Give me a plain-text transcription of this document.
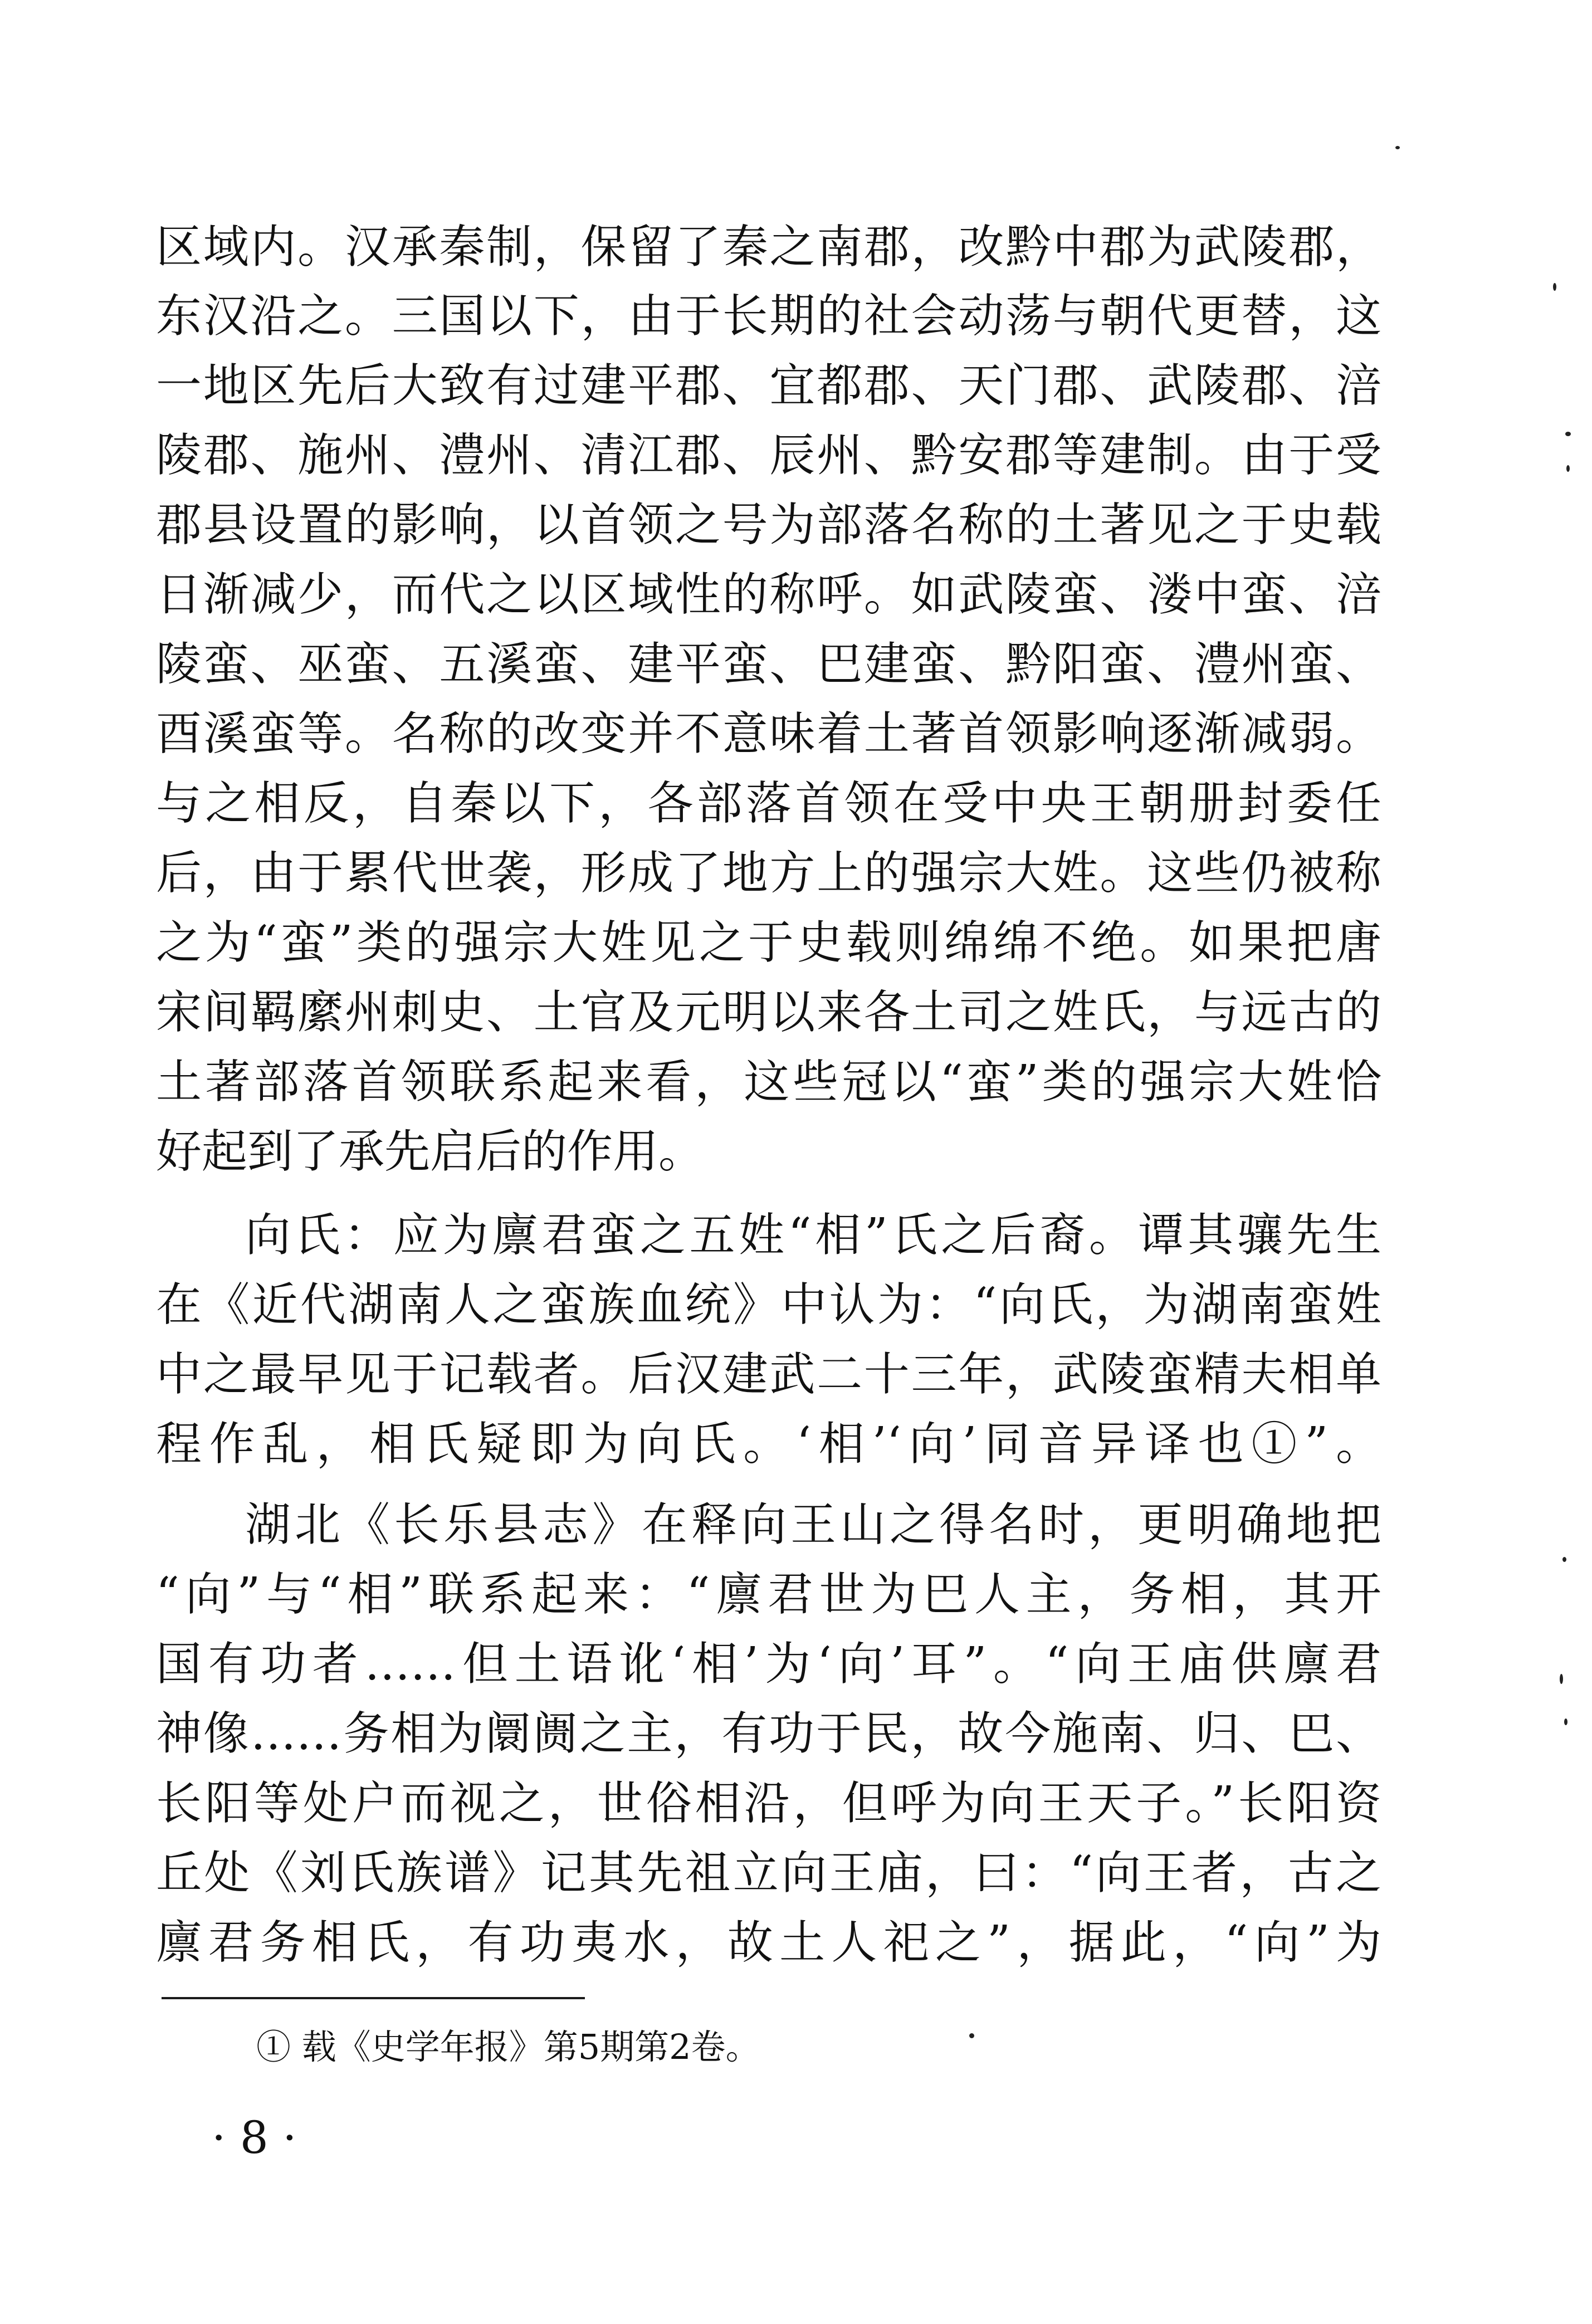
区域内。汉承秦制，保留了秦之南郡，改黔中郡为武陵郡，
东汉沿之。三国以下，由于长期的社会动荡与朝代更替，这
一地区先后大致有过建平郡、宜都郡、天门郡、武陵郡、涪
陵郡、施州、澧州、清江郡、辰州、黔安郡等建制。由于受
郡县设置的影响，以首领之号为部落名称的土著见之于史载
日渐减少，而代之以区域性的称呼。如武陵蛮、溇中蛮、涪
陵蛮、巫蛮、五溪蛮、建平蛮、巴建蛮、黔阳蛮、澧州蛮、
酉溪蛮等。名称的改变并不意味着土著首领影响逐渐减弱。
与之相反，自秦以下，各部落首领在受中央王朝册封委任
后，由于累代世袭，形成了地方上的强宗大姓。这些仍被称
之为“蛮”类的强宗大姓见之于史载则绵绵不绝。如果把唐
宋间羁縻州刺史、土官及元明以来各土司之姓氏，与远古的
土著部落首领联系起来看，这些冠以“蛮”类的强宗大姓恰
好起到了承先启后的作用。
向氏：应为廪君蛮之五姓“相”氏之后裔。谭其骧先生
在《近代湖南人之蛮族血统》中认为：“向氏，为湖南蛮姓
中之最早见于记载者。后汉建武二十三年，武陵蛮精夫相单
程作乱，相氏疑即为向氏。‘相’‘向’同音异译也①”。
湖北《长乐县志》在释向王山之得名时，更明确地把
“向”与“相”联系起来：“廪君世为巴人主，务相，其开
国有功者……但土语讹‘相’为‘向’耳”。“向王庙供廪君
神像……务相为阛阓之主，有功于民，故今施南、归、巴、
长阳等处户而视之，世俗相沿，但呼为向王天子。”长阳资
丘处《刘氏族谱》记其先祖立向王庙，曰：“向王者，古之
廪君务相氏，有功夷水，故土人祀之”，据此，“向”为
① 载《史学年报》第5期第2卷。
· 8 ·
